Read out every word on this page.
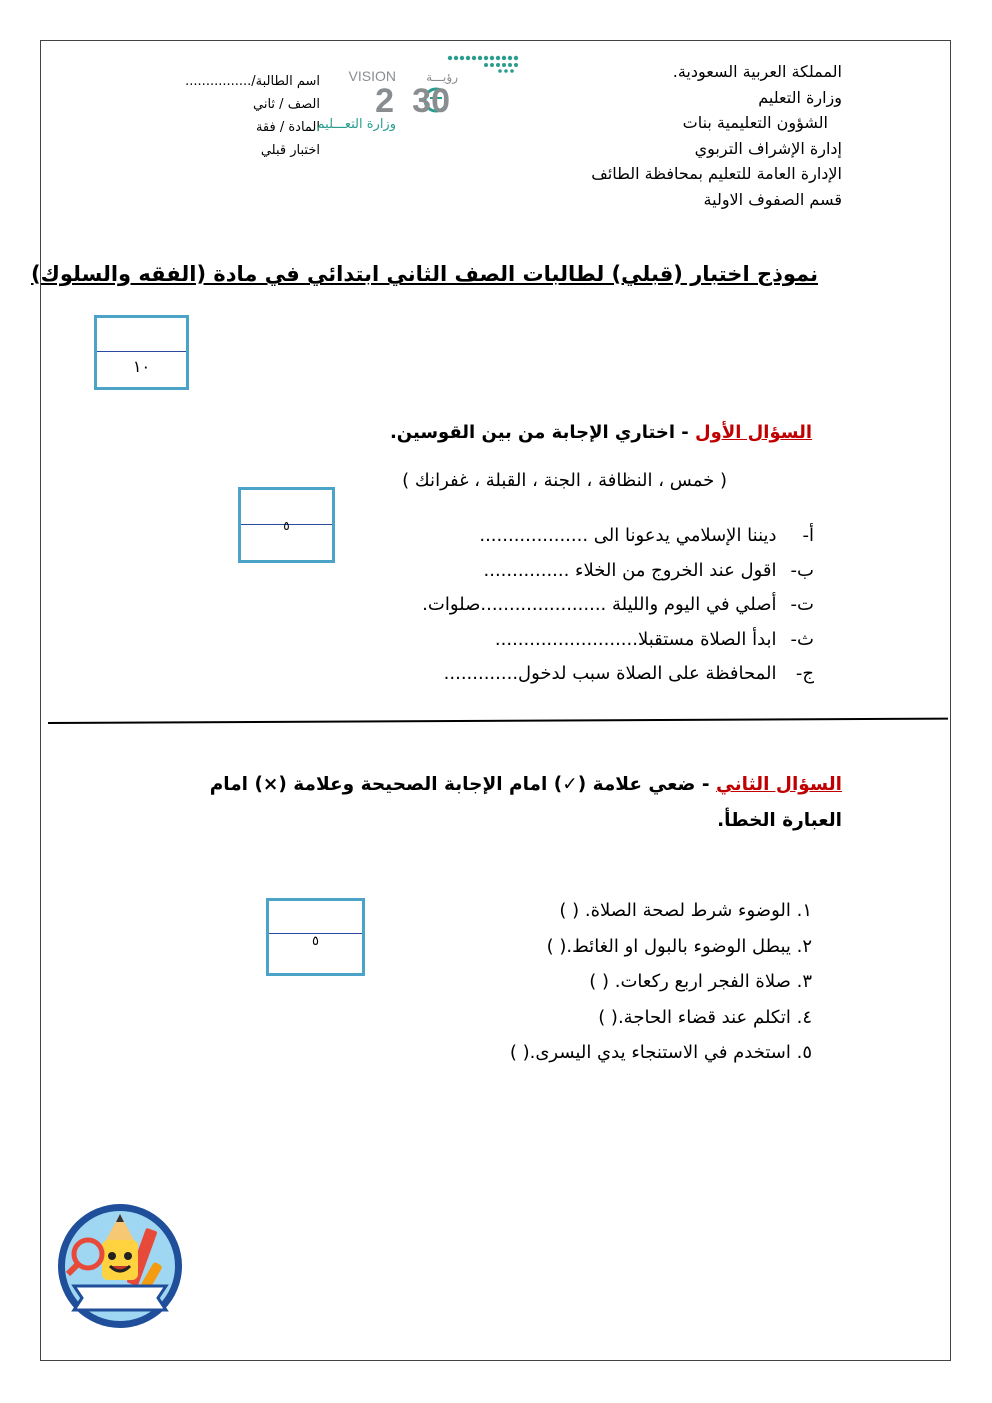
المملكة العربية السعودية.
وزارة التعليم
الشؤون التعليمية بنات
إدارة الإشراف التربوي
الإدارة العامة للتعليم بمحافظة الطائف
قسم الصفوف الاولية
اسم الطالبة/................
الصف / ثاني
المادة / فقة
اختبار قبلي
VISION	رؤيـــة
2 30
وزارة التعـــليم
نموذج اختبار (قبلي) لطالبات الصف الثاني ابتدائي في مادة (الفقه والسلوك)
١٠
السؤال الأول - اختاري الإجابة من بين القوسين.
( خمس ، النظافة ، الجنة ، القبلة ، غفرانك )
٥	أ-

ديننا الإسلامي يدعونا الى ...................
ب-

اقول عند الخروج من الخلاء ...............
ت-

أصلي في اليوم والليلة ......................صلوات.
ث-

ابدأ الصلاة مستقبلا.........................
ج-

المحافظة على الصلاة سبب لدخول.............
السؤال الثاني - ضعي علامة (✓) امام الإجابة الصحيحة وعلامة (×) امام العبارة الخطأ.
٥
١. الوضوء شرط لصحة الصلاة. ( )
٢. يبطل الوضوء بالبول او الغائط.( )
٣. صلاة الفجر اربع ركعات. ( )
٤. اتكلم عند قضاء الحاجة.( )
٥. استخدم في الاستنجاء يدي اليسرى.( )
